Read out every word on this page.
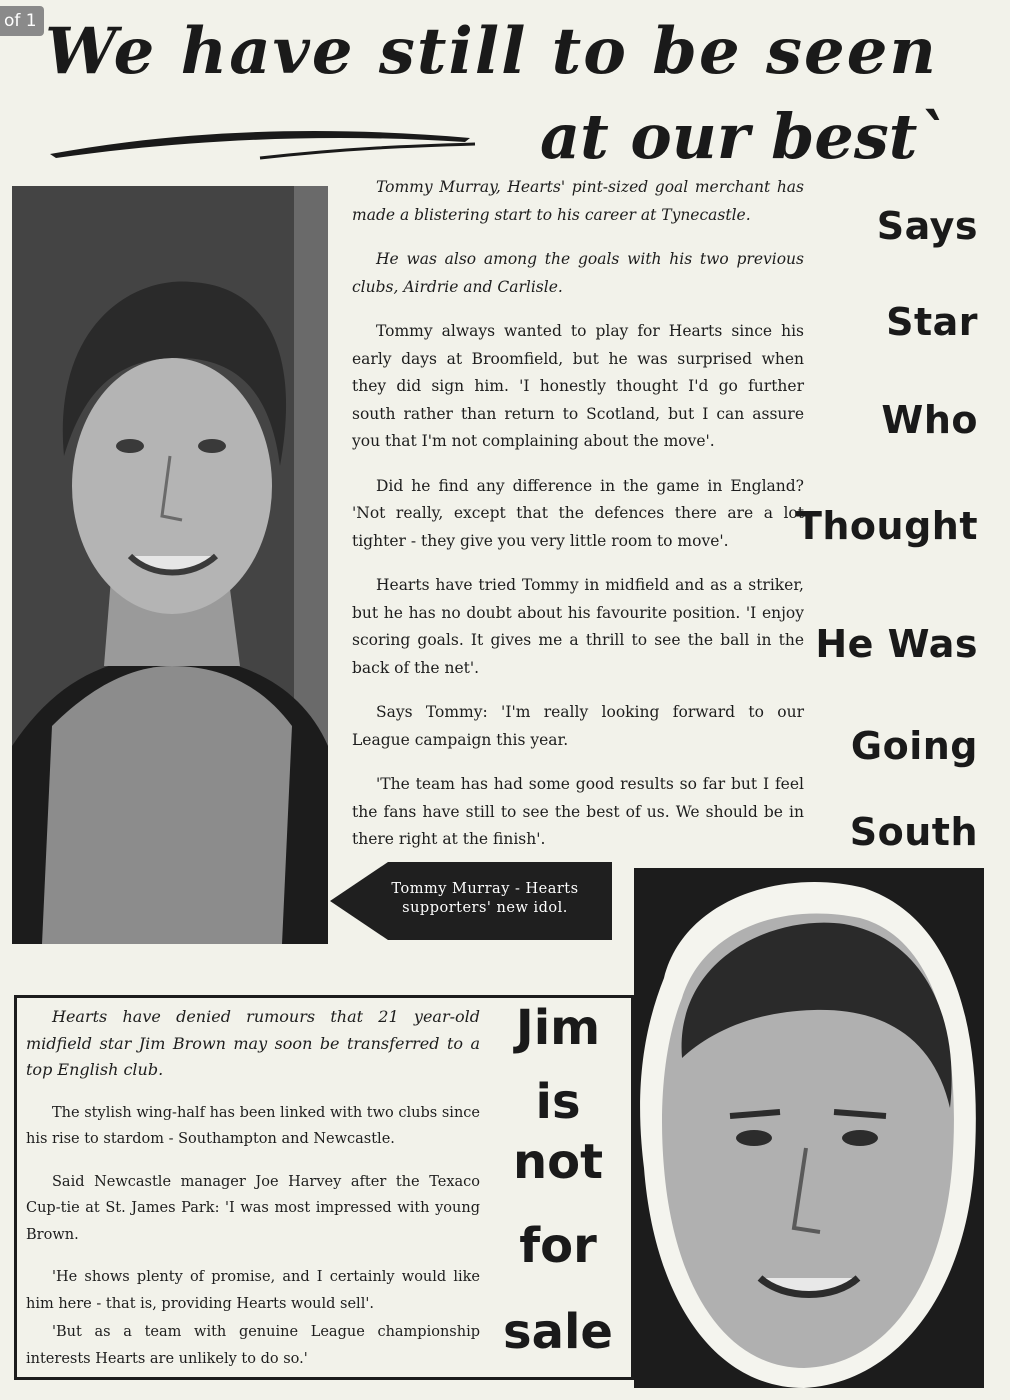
of 1 We have still to be seen
at our best`

Tommy Murray, Hearts' pint-sized goal merchant has made a blistering start to his career at Tynecastle.

He was also among the goals with his two previous clubs, Airdrie and Carlisle.

Tommy always wanted to play for Hearts since his early days at Broomfield, but he was surprised when they did sign him. 'I honestly thought I'd go further south rather than return to Scotland, but I can assure you that I'm not complaining about the move'.

Did he find any difference in the game in England? 'Not really, except that the defences there are a lot tighter - they give you very little room to move'.

Hearts have tried Tommy in midfield and as a striker, but he has no doubt about his favourite position. 'I enjoy scoring goals. It gives me a thrill to see the ball in the back of the net'.

Says Tommy: 'I'm really looking forward to our League campaign this year.

'The team has had some good results so far but I feel the fans have still to see the best of us. We should be in there right at the finish'.

Says
Star
Who
Thought
He Was
Going
South
Tommy Murray - Hearts
supporters' new idol.

Hearts have denied rumours that 21 year-old midfield star Jim Brown may soon be transferred to a top English club.

The stylish wing-half has been linked with two clubs since his rise to stardom - Southampton and Newcastle.

Said Newcastle manager Joe Harvey after the Texaco Cup-tie at St. James Park: 'I was most impressed with young Brown.

'He shows plenty of promise, and I certainly would like him here - that is, providing Hearts would sell'.

'But as a team with genuine League championship interests Hearts are unlikely to do so.'

Jim
is
not
for
sale
